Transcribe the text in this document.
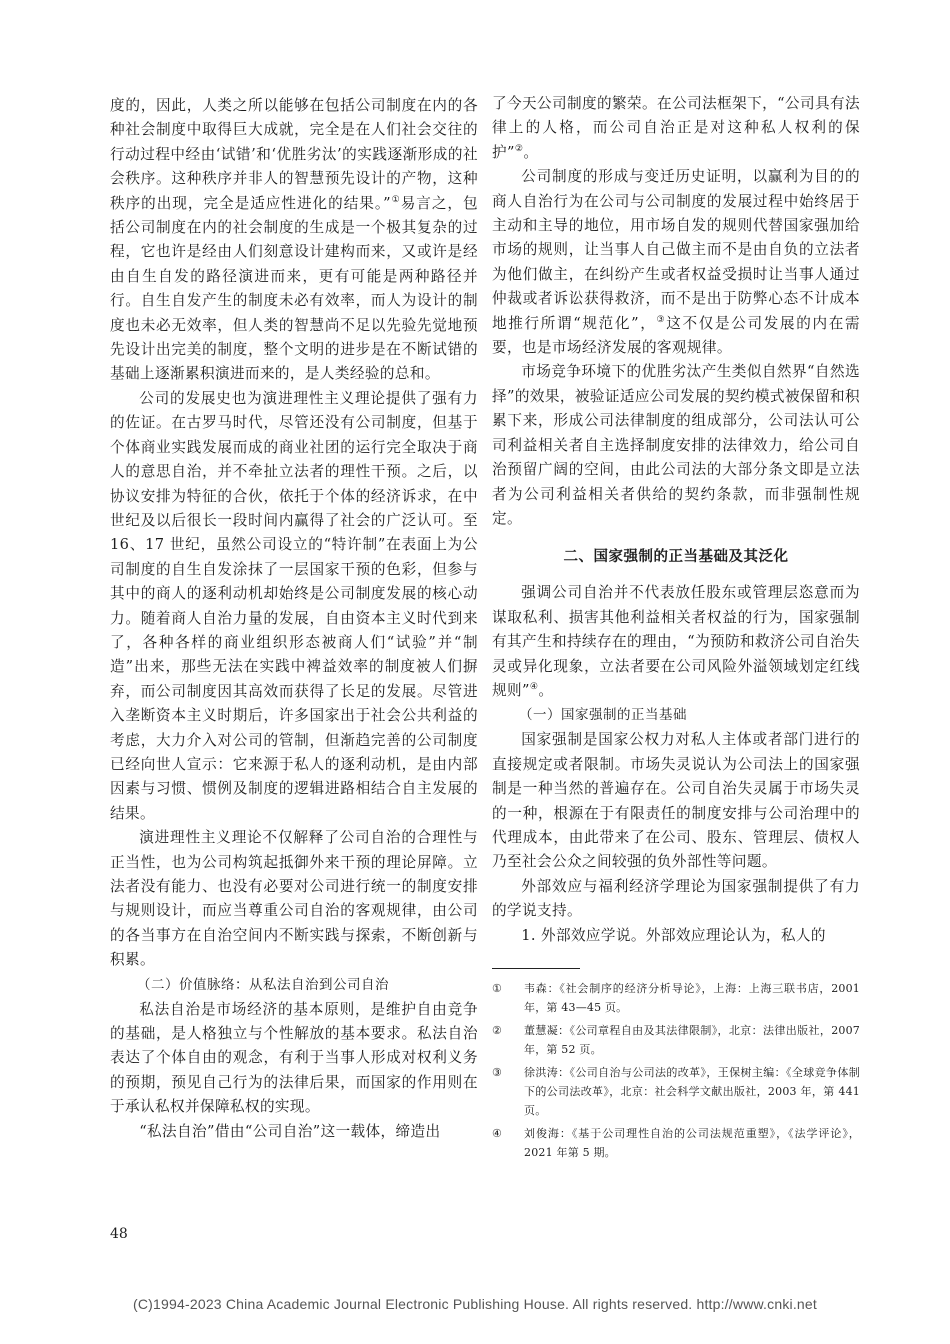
度的，因此，人类之所以能够在包括公司制度在内的各种社会制度中取得巨大成就，完全是在人们社会交往的行动过程中经由‘试错’和‘优胜劣汰’的实践逐渐形成的社会秩序。这种秩序并非人的智慧预先设计的产物，这种秩序的出现，完全是适应性进化的结果。”①易言之，包括公司制度在内的社会制度的生成是一个极其复杂的过程，它也许是经由人们刻意设计建构而来，又或许是经由自生自发的路径演进而来，更有可能是两种路径并行。自生自发产生的制度未必有效率，而人为设计的制度也未必无效率，但人类的智慧尚不足以先验先觉地预先设计出完美的制度，整个文明的进步是在不断试错的基础上逐渐累积演进而来的，是人类经验的总和。

公司的发展史也为演进理性主义理论提供了强有力的佐证。在古罗马时代，尽管还没有公司制度，但基于个体商业实践发展而成的商业社团的运行完全取决于商人的意思自治，并不牵扯立法者的理性干预。之后，以协议安排为特征的合伙，依托于个体的经济诉求，在中世纪及以后很长一段时间内赢得了社会的广泛认可。至 16、17 世纪，虽然公司设立的“特许制”在表面上为公司制度的自生自发涂抹了一层国家干预的色彩，但参与其中的商人的逐利动机却始终是公司制度发展的核心动力。随着商人自治力量的发展，自由资本主义时代到来了，各种各样的商业组织形态被商人们“试验”并“制造”出来，那些无法在实践中裨益效率的制度被人们摒弃，而公司制度因其高效而获得了长足的发展。尽管进入垄断资本主义时期后，许多国家出于社会公共利益的考虑，大力介入对公司的管制，但渐趋完善的公司制度已经向世人宣示：它来源于私人的逐利动机，是由内部因素与习惯、惯例及制度的逻辑进路相结合自主发展的结果。

演进理性主义理论不仅解释了公司自治的合理性与正当性，也为公司构筑起抵御外来干预的理论屏障。立法者没有能力、也没有必要对公司进行统一的制度安排与规则设计，而应当尊重公司自治的客观规律，由公司的各当事方在自治空间内不断实践与探索，不断创新与积累。

（二）价值脉络：从私法自治到公司自治

私法自治是市场经济的基本原则，是维护自由竞争的基础，是人格独立与个性解放的基本要求。私法自治表达了个体自由的观念，有利于当事人形成对权利义务的预期，预见自己行为的法律后果，而国家的作用则在于承认私权并保障私权的实现。

“私法自治”借由“公司自治”这一载体，缔造出

了今天公司制度的繁荣。在公司法框架下，“公司具有法律上的人格，而公司自治正是对这种私人权利的保护”②。

公司制度的形成与变迁历史证明，以赢利为目的的商人自治行为在公司与公司制度的发展过程中始终居于主动和主导的地位，用市场自发的规则代替国家强加给市场的规则，让当事人自己做主而不是由自负的立法者为他们做主，在纠纷产生或者权益受损时让当事人通过仲裁或者诉讼获得救济，而不是出于防弊心态不计成本地推行所谓“规范化”，③这不仅是公司发展的内在需要，也是市场经济发展的客观规律。

市场竞争环境下的优胜劣汰产生类似自然界“自然选择”的效果，被验证适应公司发展的契约模式被保留和积累下来，形成公司法律制度的组成部分，公司法认可公司利益相关者自主选择制度安排的法律效力，给公司自治预留广阔的空间，由此公司法的大部分条文即是立法者为公司利益相关者供给的契约条款，而非强制性规定。

二、国家强制的正当基础及其泛化

强调公司自治并不代表放任股东或管理层恣意而为谋取私利、损害其他利益相关者权益的行为，国家强制有其产生和持续存在的理由，“为预防和救济公司自治失灵或异化现象，立法者要在公司风险外溢领域划定红线规则”④。

（一）国家强制的正当基础

国家强制是国家公权力对私人主体或者部门进行的直接规定或者限制。市场失灵说认为公司法上的国家强制是一种当然的普遍存在。公司自治失灵属于市场失灵的一种，根源在于有限责任的制度安排与公司治理中的代理成本，由此带来了在公司、股东、管理层、债权人乃至社会公众之间较强的负外部性等问题。

外部效应与福利经济学理论为国家强制提供了有力的学说支持。

1. 外部效应学说。外部效应理论认为，私人的

①	韦森：《社会制序的经济分析导论》，上海：上海三联书店，2001 年，第 43—45 页。
②	董慧凝：《公司章程自由及其法律限制》，北京：法律出版社，2007 年，第 52 页。
③	徐洪涛：《公司自治与公司法的改革》，王保树主编：《全球竞争体制下的公司法改革》，北京：社会科学文献出版社，2003 年，第 441 页。
④	刘俊海：《基于公司理性自治的公司法规范重塑》，《法学评论》，2021 年第 5 期。
48
(C)1994-2023 China Academic Journal Electronic Publishing House. All rights reserved. http://www.cnki.net
